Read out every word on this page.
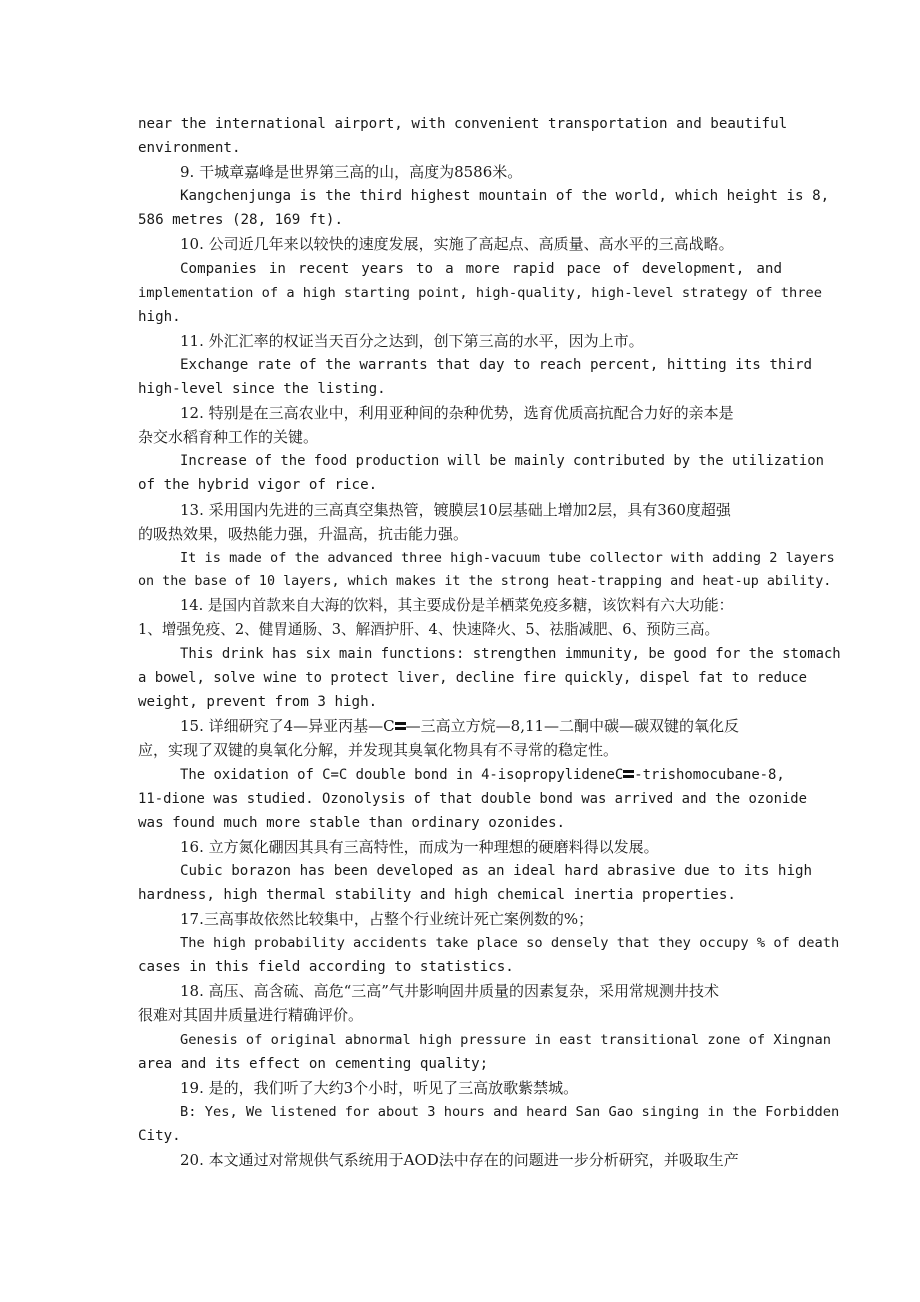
near the international airport, with convenient transportation and beautiful
environment.
9. 干城章嘉峰是世界第三高的山，高度为8586米。
Kangchenjunga is the third highest mountain of the world, which height is 8,
586 metres (28, 169 ft).
10. 公司近几年来以较快的速度发展，实施了高起点、高质量、高水平的三高战略。
Companies in recent years to a more rapid pace of development, and
implementation of a high starting point, high-quality, high-level strategy of three
high.
11. 外汇汇率的权证当天百分之达到，创下第三高的水平，因为上市。
Exchange rate of the warrants that day to reach percent, hitting its third
high-level since the listing.
12. 特别是在三高农业中，利用亚种间的杂种优势，选育优质高抗配合力好的亲本是
杂交水稻育种工作的关键。
Increase of the food production will be mainly contributed by the utilization
of the hybrid vigor of rice.
13. 采用国内先进的三高真空集热管，镀膜层10层基础上增加2层，具有360度超强
的吸热效果，吸热能力强，升温高，抗击能力强。
It is made of the advanced three high-vacuum tube collector with adding 2 layers
on the base of 10 layers, which makes it the strong heat-trapping and heat-up ability.
14. 是国内首款来自大海的饮料，其主要成份是羊栖菜免疫多糖，该饮料有六大功能：
1、增强免疫、2、健胃通肠、3、解酒护肝、4、快速降火、5、祛脂减肥、6、预防三高。
This drink has six main functions: strengthen immunity, be good for the stomach
a bowel, solve wine to protect liver, decline fire quickly, dispel fat to reduce
weight, prevent from 3 high.
15. 详细研究了4—异亚丙基—C —三高立方烷—8,11—二酮中碳—碳双键的氧化反
应，实现了双键的臭氧化分解，并发现其臭氧化物具有不寻常的稳定性。
The oxidation of C=C double bond in 4-isopropylideneC -trishomocubane-8,
11-dione was studied. Ozonolysis of that double bond was arrived and the ozonide
was found much more stable than ordinary ozonides.
16. 立方氮化硼因其具有三高特性，而成为一种理想的硬磨料得以发展。
Cubic borazon has been developed as an ideal hard abrasive due to its high
hardness, high thermal stability and high chemical inertia properties.
17.三高事故依然比较集中，占整个行业统计死亡案例数的%；
The high probability accidents take place so densely that they occupy % of death
cases in this field according to statistics.
18. 高压、高含硫、高危“三高”气井影响固井质量的因素复杂，采用常规测井技术
很难对其固井质量进行精确评价。
Genesis of original abnormal high pressure in east transitional zone of Xingnan
area and its effect on cementing quality;
19. 是的，我们听了大约3个小时，听见了三高放歌紫禁城。
B: Yes, We listened for about 3 hours and heard San Gao singing in the Forbidden
City.
20. 本文通过对常规供气系统用于AOD法中存在的问题进一步分析研究，并吸取生产
